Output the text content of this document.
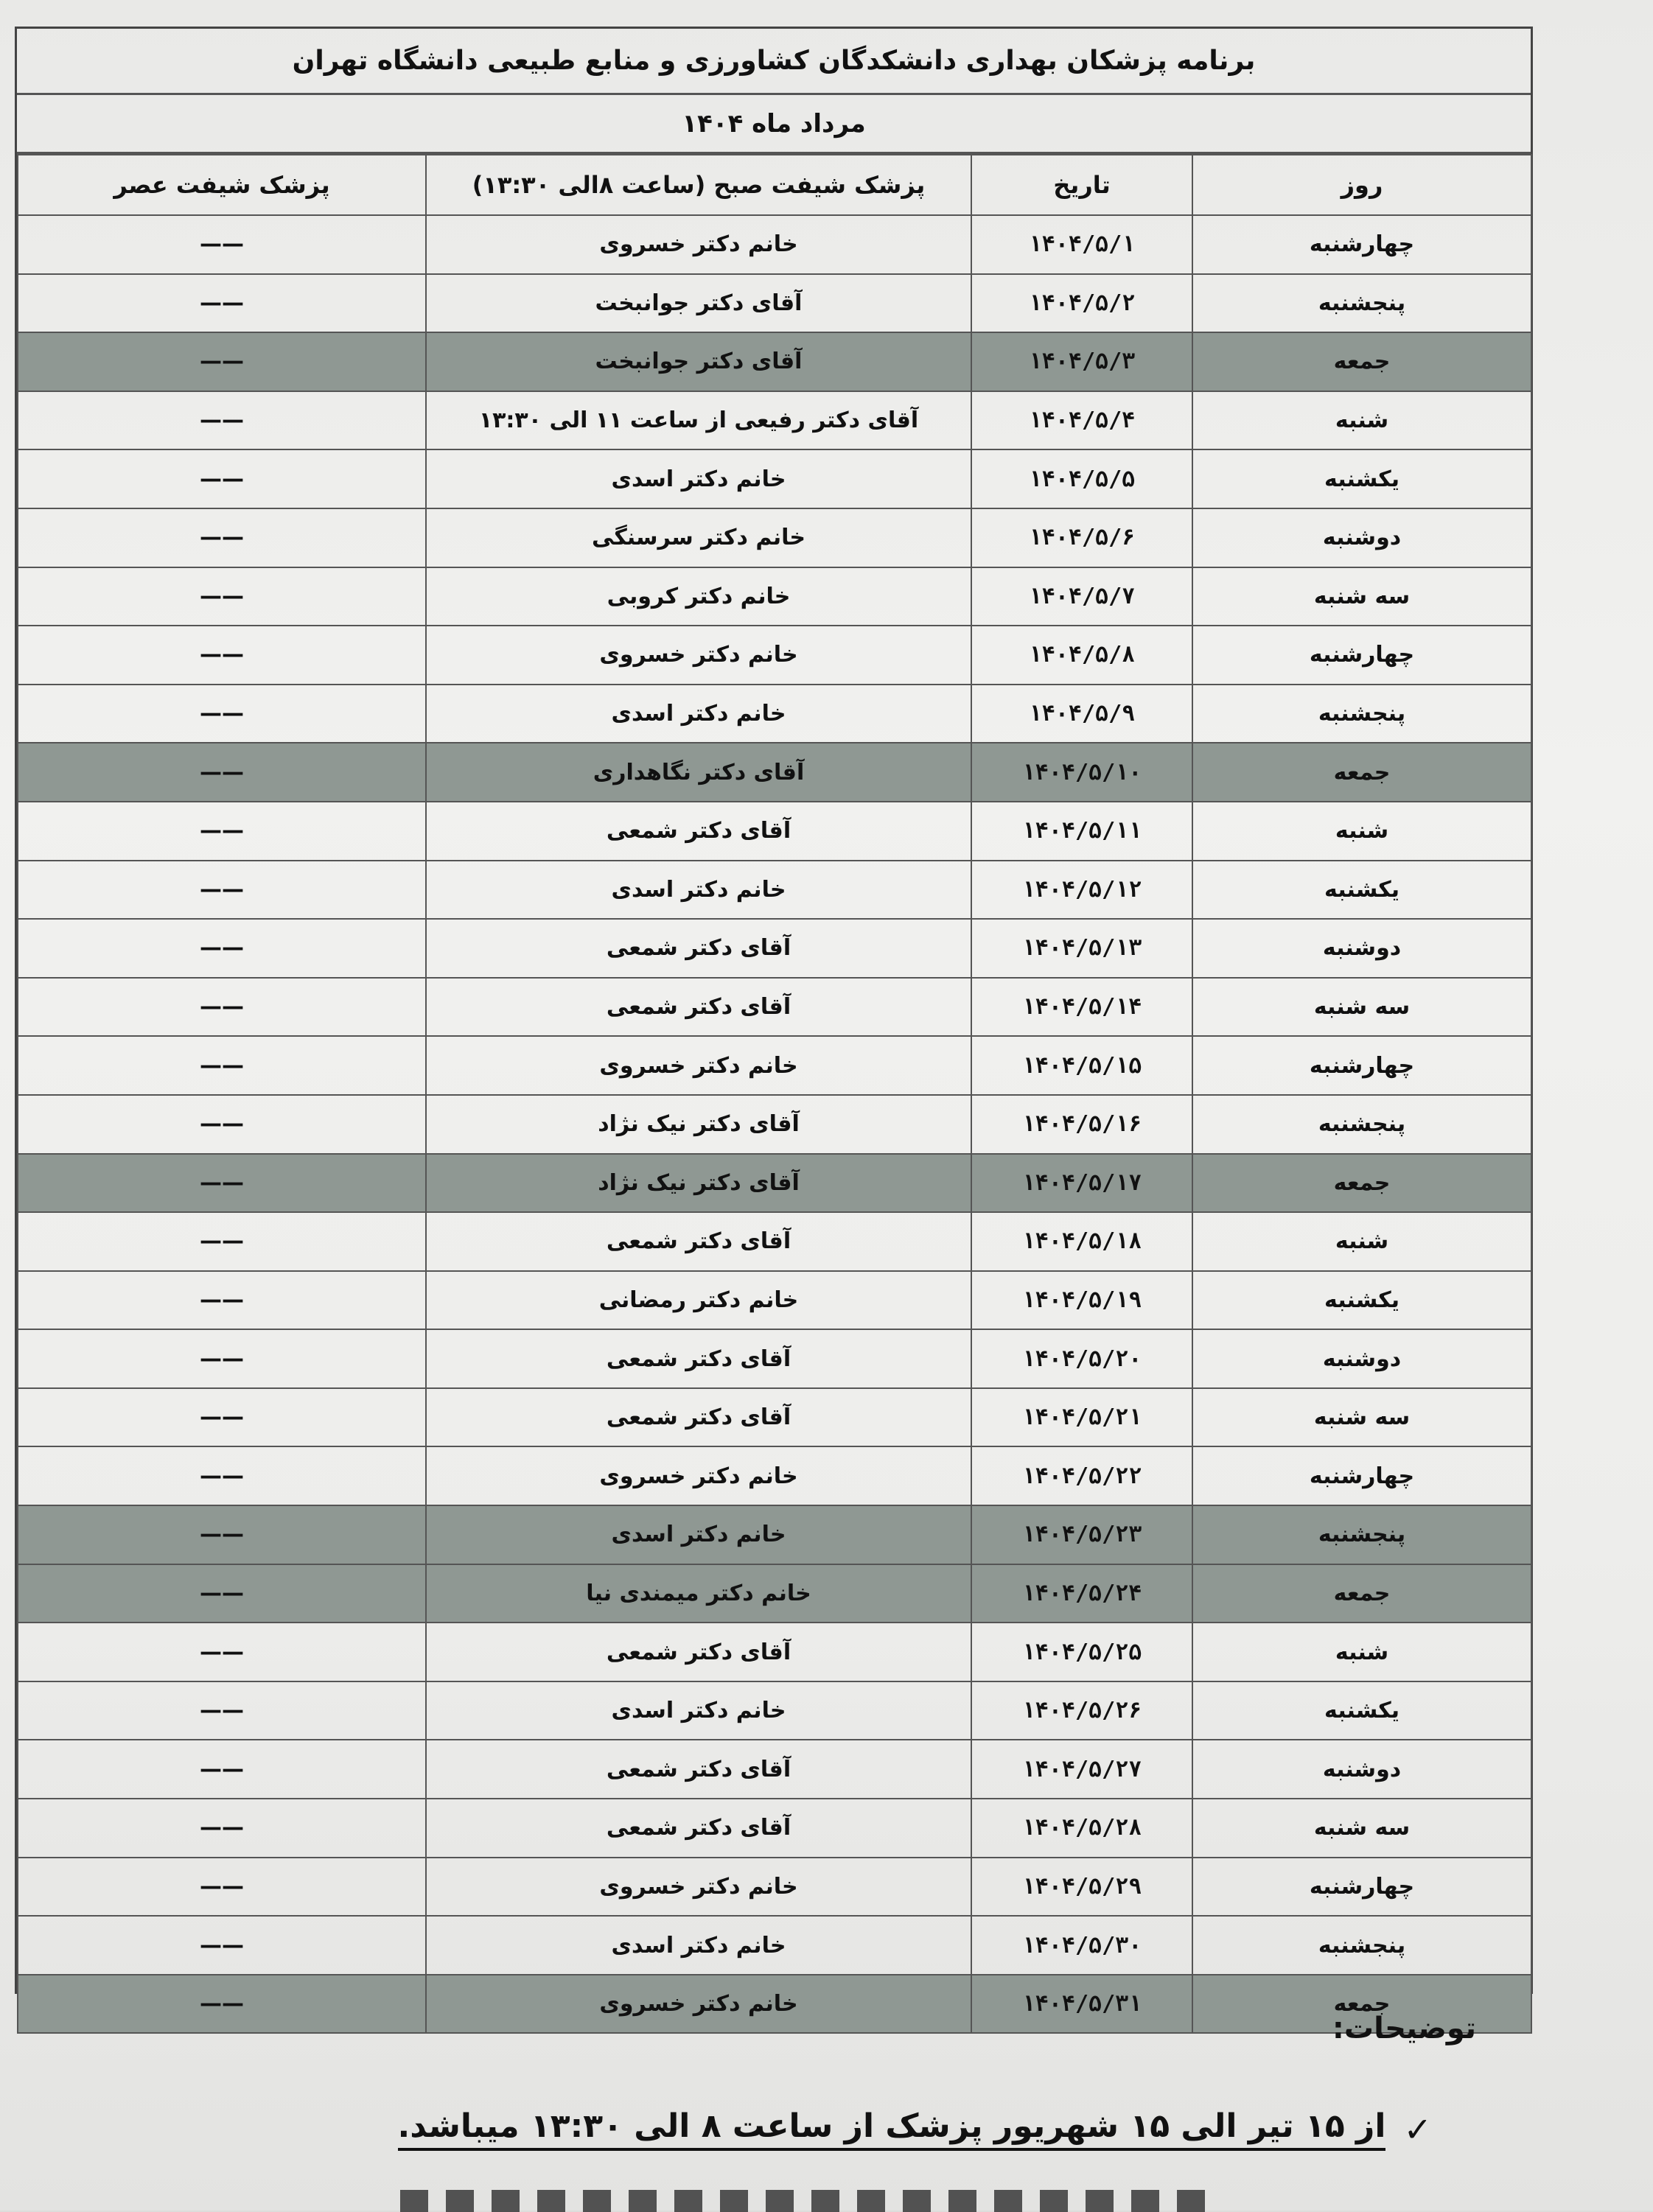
برنامه پزشکان بهداری دانشکدگان کشاورزی و منابع طبیعی دانشگاه تهران
مرداد ماه ۱۴۰۴
روز	تاریخ	پزشک شیفت صبح (ساعت ۸الی ۱۳:۳۰)	پزشک شیفت عصر
چهارشنبه	۱۴۰۴/۵/۱	خانم دکتر خسروی	——
پنجشنبه	۱۴۰۴/۵/۲	آقای دکتر جوانبخت	——
جمعه	۱۴۰۴/۵/۳	آقای دکتر جوانبخت	——
شنبه	۱۴۰۴/۵/۴	آقای دکتر رفیعی از ساعت ۱۱ الی ۱۳:۳۰	——
یکشنبه	۱۴۰۴/۵/۵	خانم دکتر اسدی	——
دوشنبه	۱۴۰۴/۵/۶	خانم دکتر سرسنگی	——
سه شنبه	۱۴۰۴/۵/۷	خانم دکتر کروبی	——
چهارشنبه	۱۴۰۴/۵/۸	خانم دکتر خسروی	——
پنجشنبه	۱۴۰۴/۵/۹	خانم دکتر اسدی	——
جمعه	۱۴۰۴/۵/۱۰	آقای دکتر نگاهداری	——
شنبه	۱۴۰۴/۵/۱۱	آقای دکتر شمعی	——
یکشنبه	۱۴۰۴/۵/۱۲	خانم دکتر اسدی	——
دوشنبه	۱۴۰۴/۵/۱۳	آقای دکتر شمعی	——
سه شنبه	۱۴۰۴/۵/۱۴	آقای دکتر شمعی	——
چهارشنبه	۱۴۰۴/۵/۱۵	خانم دکتر خسروی	——
پنجشنبه	۱۴۰۴/۵/۱۶	آقای دکتر نیک نژاد	——
جمعه	۱۴۰۴/۵/۱۷	آقای دکتر نیک نژاد	——
شنبه	۱۴۰۴/۵/۱۸	آقای دکتر شمعی	——
یکشنبه	۱۴۰۴/۵/۱۹	خانم دکتر رمضانی	——
دوشنبه	۱۴۰۴/۵/۲۰	آقای دکتر شمعی	——
سه شنبه	۱۴۰۴/۵/۲۱	آقای دکتر شمعی	——
چهارشنبه	۱۴۰۴/۵/۲۲	خانم دکتر خسروی	——
پنجشنبه	۱۴۰۴/۵/۲۳	خانم دکتر اسدی	——
جمعه	۱۴۰۴/۵/۲۴	خانم دکتر میمندی نیا	——
شنبه	۱۴۰۴/۵/۲۵	آقای دکتر شمعی	——
یکشنبه	۱۴۰۴/۵/۲۶	خانم دکتر اسدی	——
دوشنبه	۱۴۰۴/۵/۲۷	آقای دکتر شمعی	——
سه شنبه	۱۴۰۴/۵/۲۸	آقای دکتر شمعی	——
چهارشنبه	۱۴۰۴/۵/۲۹	خانم دکتر خسروی	——
پنجشنبه	۱۴۰۴/۵/۳۰	خانم دکتر اسدی	——
جمعه	۱۴۰۴/۵/۳۱	خانم دکتر خسروی	——
توضیحات:
✓
از ۱۵ تیر الی ۱۵ شهریور پزشک از ساعت ۸ الی ۱۳:۳۰ میباشد.
